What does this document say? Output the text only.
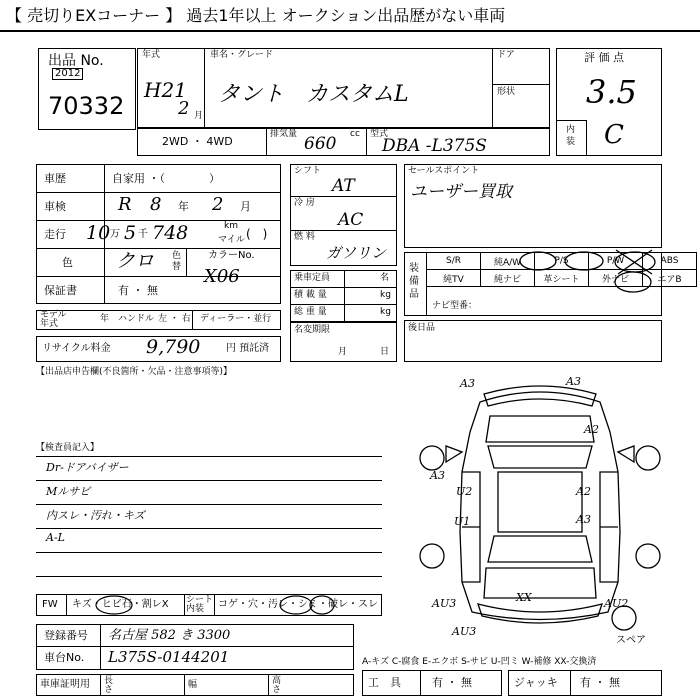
【 売切りEXコーナー 】 過去1年以上 オークション出品歴がない車両
出品 No.
2012
70332
年式
H21
2 月
車名・グレード
タント　カスタムL
ドア
形状
評 価 点
3.5
内装 C
2WD ・ 4WD
排気量 660 cc 型式
DBA -L375S
車歴	自家用 ・（　　　　）
車検	R 8 年 2 月
走行 10 万 5 千 748	km
マイル (　)
色 クロ 色替
カラーNo.
X06
保証書	有 ・ 無
モデル年式	年 ハンドル 左 ・ 右 ディーラー・並行
リサイクル料金 9,790	円 預託済
シフト
AT
冷 房
AC
燃 料
ガソリン
乗車定員	名
積 載 量	kg
総 重 量	kg
名変期限
月	日
セールスポイント
ユーザー買取
装備品
S/R	純A/W	P/S	P/W	ABS
純TV	純ナビ	革シート	外ナビ	エアB
ナビ型番：
後日品
【出品店申告欄(不良箇所・欠品・注意事項等)】
【検査員記入】
Dr-ドアバイザー
Mルサビ
内スレ・汚れ・キズ
A-L
A3	A3
A2
A3
A2
U2
U1	A3
AU3	XX	AU2
AU3
スペア
FW キズ・ヒビ石・割レX シート内装	コゲ・穴・汚レ・シミ・破レ・スレ
登録番号 名古屋 582 き 3300
車台No. L375S-0144201	A-キズ C-腐食 E-エクボ S-サビ U-凹ミ W-補修 XX-交換済
車庫証明用 長さ	幅	高さ
工　具	有 ・ 無	ジャッキ 有 ・ 無
